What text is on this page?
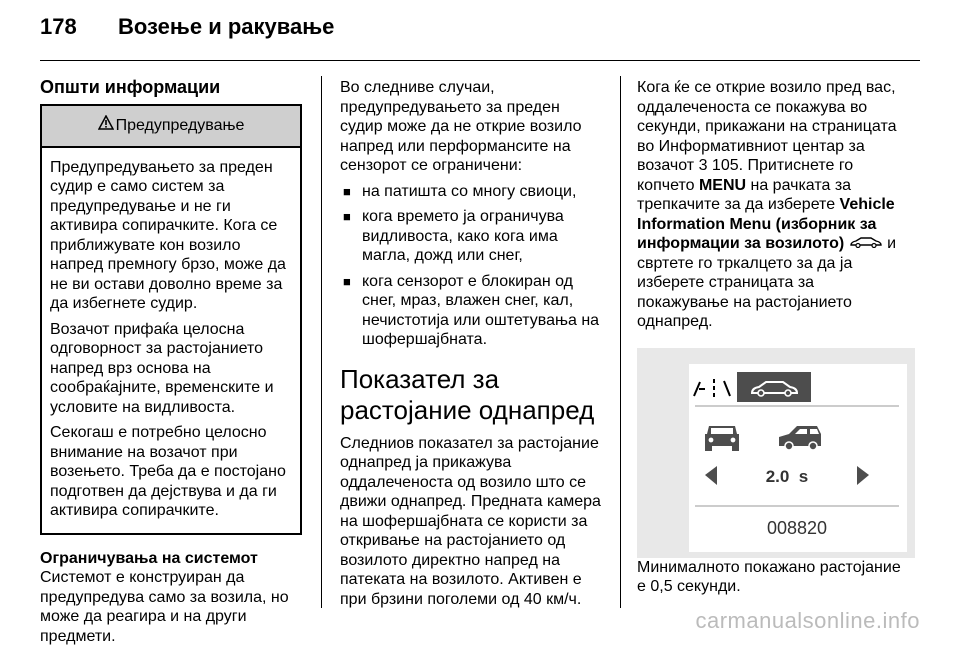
178 Возење и ракување
Општи информации
Предупредување

Предупредувањето за преден судир е само систем за предупредување и не ги активира сопирачките. Кога се приближувате кон возило напред премногу брзо, може да не ви остави доволно време за да избегнете судир.

Возачот прифаќа целосна одговорност за растојанието напред врз основа на сообраќајните, временските и условите на видливоста.

Секогаш е потребно целосно внимание на возачот при возењето. Треба да е постојано подготвен да дејствува и да ги активира сопирачките.

Ограничувања на системот

Системот е конструиран да предупредува само за возила, но може да реагира и на други предмети.

Во следниве случаи, предупредувањето за преден судир може да не открие возило напред или перформансите на сензорот се ограничени:

■ на патишта со многу свиоци,
■ кога времето ја ограничува видливоста, како кога има магла, дожд или снег,
■ кога сензорот е блокиран од снег, мраз, влажен снег, кал, нечистотија или оштетувања на шофершајбната.
Показател за растојание однапред

Следниов показател за растојание однапред ја прикажува оддалеченоста од возило што се движи однапред. Предната камера на шофершајбната се користи за откривање на растојанието од возилото директно напред на патеката на возилото. Активен е при брзини поголеми од 40 км/ч.

Кога ќе се открие возило пред вас, оддалеченоста се покажува во секунди, прикажани на страницата во Информативниот центар за возачот 3 105. Притиснете го копчето MENU на рачката за трепкачите за да изберете Vehicle Information Menu (изборник за информации за возилото)  и свртете го тркалцето за да ја изберете страницата за покажување на растојанието однапред.

2.0  s
008820

Минималното покажано растојание е 0,5 секунди.

carmanualsonline.info
